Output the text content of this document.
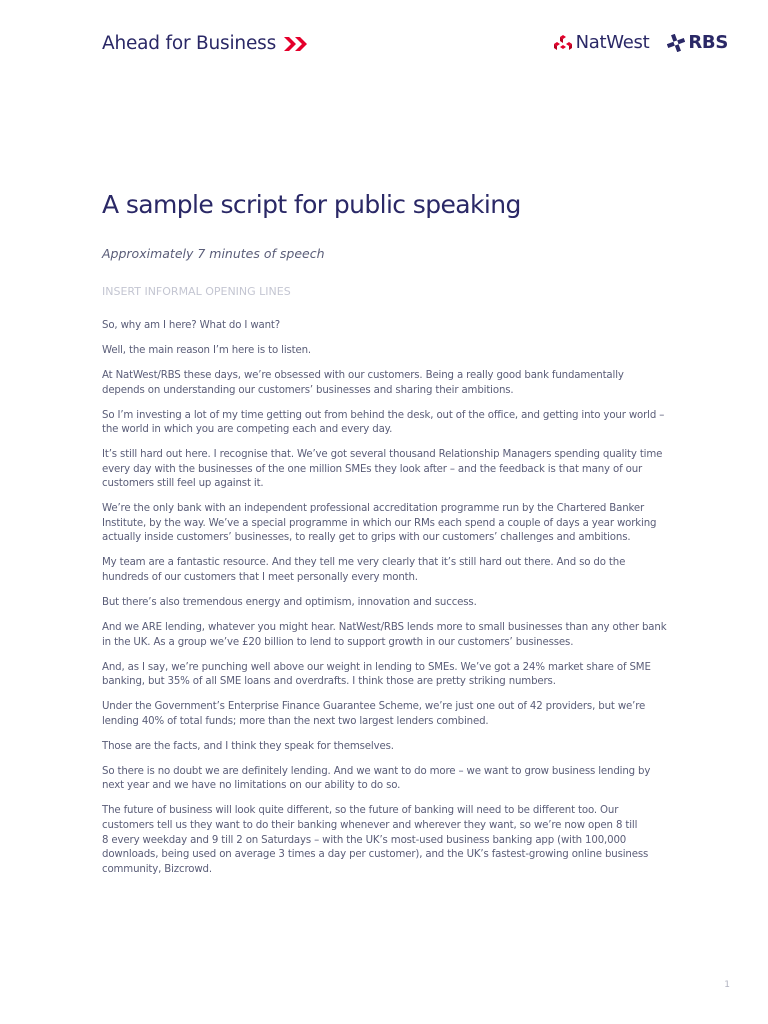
Ahead for Business	NatWest RBS
A sample script for public speaking

Approximately 7 minutes of speech

INSERT INFORMAL OPENING LINES

So, why am I here? What do I want?

Well, the main reason I’m here is to listen.

At NatWest/RBS these days, we’re obsessed with our customers. Being a really good bank fundamentally
depends on understanding our customers’ businesses and sharing their ambitions.

So I’m investing a lot of my time getting out from behind the desk, out of the office, and getting into your world –
the world in which you are competing each and every day.

It’s still hard out here. I recognise that. We’ve got several thousand Relationship Managers spending quality time
every day with the businesses of the one million SMEs they look after – and the feedback is that many of our
customers still feel up against it.

We’re the only bank with an independent professional accreditation programme run by the Chartered Banker
Institute, by the way. We’ve a special programme in which our RMs each spend a couple of days a year working
actually inside customers’ businesses, to really get to grips with our customers’ challenges and ambitions.

My team are a fantastic resource. And they tell me very clearly that it’s still hard out there. And so do the
hundreds of our customers that I meet personally every month.

But there’s also tremendous energy and optimism, innovation and success.

And we ARE lending, whatever you might hear. NatWest/RBS lends more to small businesses than any other bank
in the UK. As a group we’ve £20 billion to lend to support growth in our customers’ businesses.

And, as I say, we’re punching well above our weight in lending to SMEs. We’ve got a 24% market share of SME
banking, but 35% of all SME loans and overdrafts. I think those are pretty striking numbers.

Under the Government’s Enterprise Finance Guarantee Scheme, we’re just one out of 42 providers, but we’re
lending 40% of total funds; more than the next two largest lenders combined.

Those are the facts, and I think they speak for themselves.

So there is no doubt we are definitely lending. And we want to do more – we want to grow business lending by
next year and we have no limitations on our ability to do so.

The future of business will look quite different, so the future of banking will need to be different too. Our
customers tell us they want to do their banking whenever and wherever they want, so we’re now open 8 till
8 every weekday and 9 till 2 on Saturdays – with the UK’s most-used business banking app (with 100,000
downloads, being used on average 3 times a day per customer), and the UK’s fastest-growing online business
community, Bizcrowd.

1
